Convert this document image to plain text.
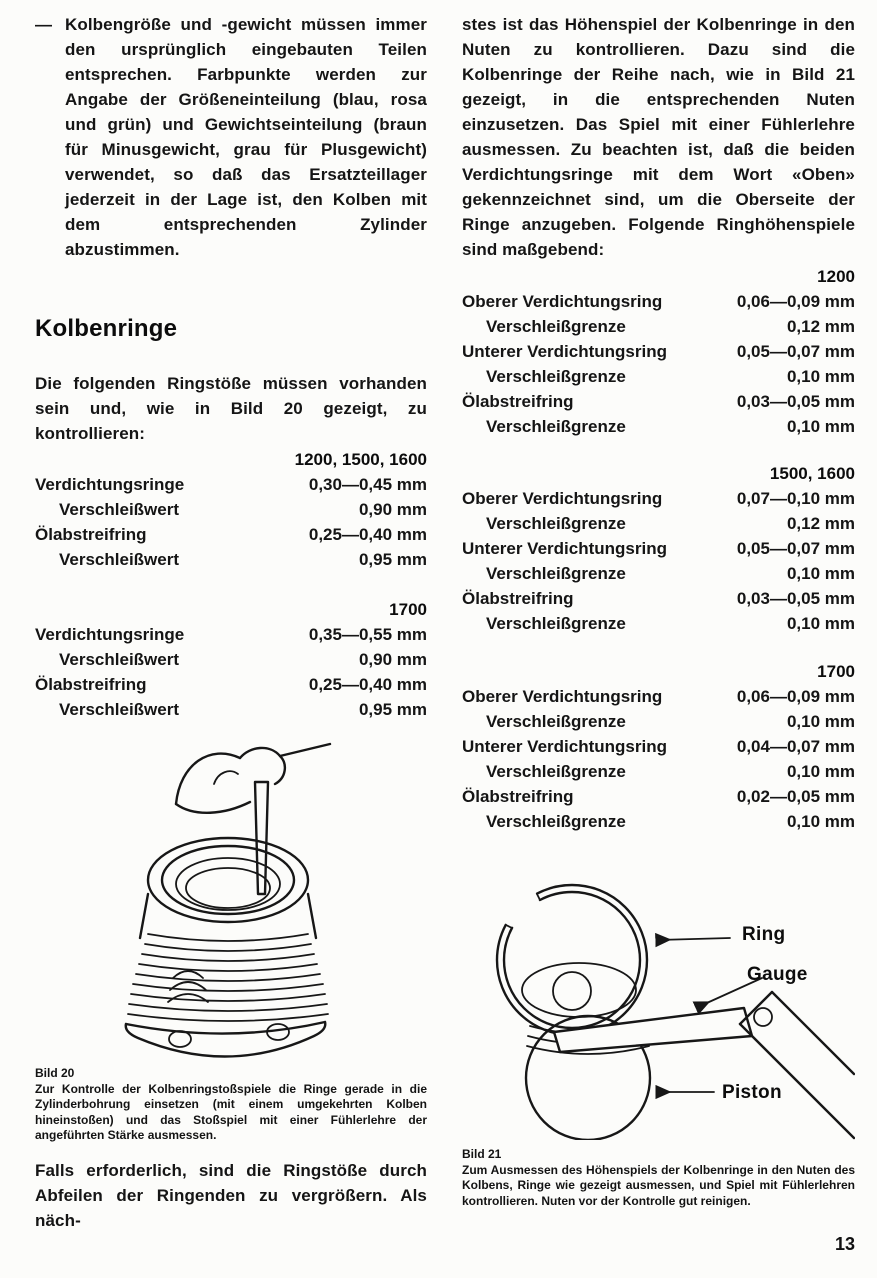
— Kolbengröße und -gewicht müssen immer den ursprünglich eingebauten Teilen entsprechen. Farbpunkte werden zur Angabe der Größeneinteilung (blau, rosa und grün) und Gewichtseinteilung (braun für Minusgewicht, grau für Plusgewicht) verwendet, so daß das Ersatzteillager jederzeit in der Lage ist, den Kolben mit dem entsprechenden Zylinder abzustimmen.
Kolbenringe
Die folgenden Ringstöße müssen vorhanden sein und, wie in Bild 20 gezeigt, zu kontrollieren:
1200, 1500, 1600
Verdichtungsringe	0,30—0,45 mm
Verschleißwert	0,90 mm
Ölabstreifring	0,25—0,40 mm
Verschleißwert	0,95 mm
1700
Verdichtungsringe	0,35—0,55 mm
Verschleißwert	0,90 mm
Ölabstreifring	0,25—0,40 mm
Verschleißwert	0,95 mm
Bild 20
Zur Kontrolle der Kolbenringstoßspiele die Ringe gerade in die Zylinderbohrung einsetzen (mit einem umgekehrten Kolben hineinstoßen) und das Stoßspiel mit einer Fühlerlehre der angeführten Stärke ausmessen.
Falls erforderlich, sind die Ringstöße durch Abfeilen der Ringenden zu vergrößern. Als näch-
stes ist das Höhenspiel der Kolbenringe in den Nuten zu kontrollieren. Dazu sind die Kolbenringe der Reihe nach, wie in Bild 21 gezeigt, in die entsprechenden Nuten einzusetzen. Das Spiel mit einer Fühlerlehre ausmessen. Zu beachten ist, daß die beiden Verdichtungsringe mit dem Wort «Oben» gekennzeichnet sind, um die Oberseite der Ringe anzugeben. Folgende Ringhöhenspiele sind maßgebend:
1200
Oberer Verdichtungsring	0,06—0,09 mm
Verschleißgrenze	0,12 mm
Unterer Verdichtungsring	0,05—0,07 mm
Verschleißgrenze	0,10 mm
Ölabstreifring	0,03—0,05 mm
Verschleißgrenze	0,10 mm
1500, 1600
Oberer Verdichtungsring	0,07—0,10 mm
Verschleißgrenze	0,12 mm
Unterer Verdichtungsring	0,05—0,07 mm
Verschleißgrenze	0,10 mm
Ölabstreifring	0,03—0,05 mm
Verschleißgrenze	0,10 mm
1700
Oberer Verdichtungsring	0,06—0,09 mm
Verschleißgrenze	0,10 mm
Unterer Verdichtungsring	0,04—0,07 mm
Verschleißgrenze	0,10 mm
Ölabstreifring	0,02—0,05 mm
Verschleißgrenze	0,10 mm
Ring
Gauge
Piston
Bild 21
Zum Ausmessen des Höhenspiels der Kolbenringe in den Nuten des Kolbens, Ringe wie gezeigt ausmessen, und Spiel mit Fühlerlehren kontrollieren. Nuten vor der Kontrolle gut reinigen.
13
